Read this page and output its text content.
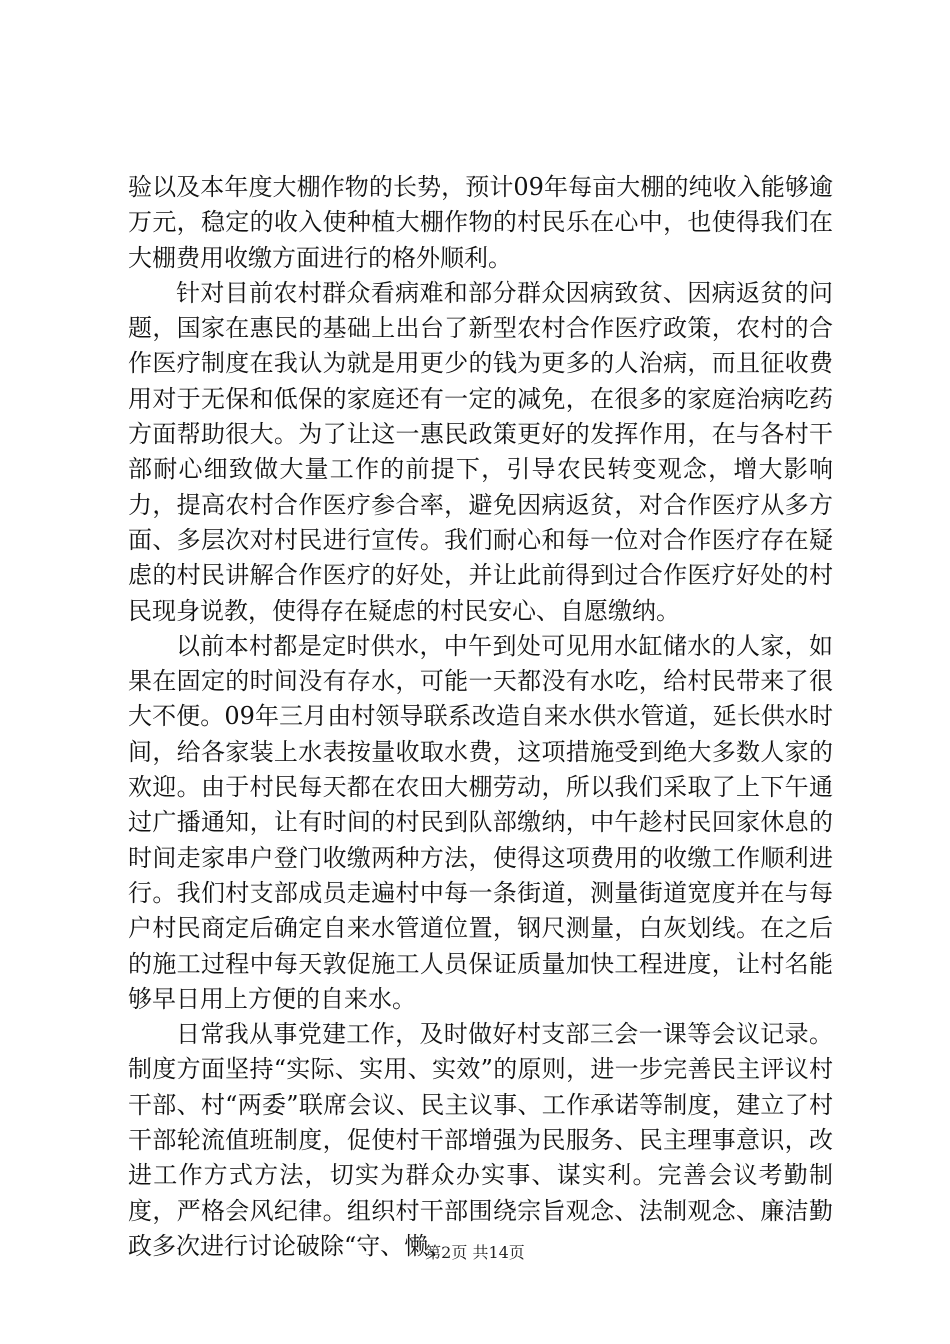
验以及本年度大棚作物的长势，预计09年每亩大棚的纯收入能够逾万元，稳定的收入使种植大棚作物的村民乐在心中，也使得我们在大棚费用收缴方面进行的格外顺利。

针对目前农村群众看病难和部分群众因病致贫、因病返贫的问题，国家在惠民的基础上出台了新型农村合作医疗政策，农村的合作医疗制度在我认为就是用更少的钱为更多的人治病，而且征收费用对于无保和低保的家庭还有一定的减免，在很多的家庭治病吃药方面帮助很大。为了让这一惠民政策更好的发挥作用，在与各村干部耐心细致做大量工作的前提下，引导农民转变观念，增大影响力，提高农村合作医疗参合率，避免因病返贫，对合作医疗从多方面、多层次对村民进行宣传。我们耐心和每一位对合作医疗存在疑虑的村民讲解合作医疗的好处，并让此前得到过合作医疗好处的村民现身说教，使得存在疑虑的村民安心、自愿缴纳。

以前本村都是定时供水，中午到处可见用水缸储水的人家，如果在固定的时间没有存水，可能一天都没有水吃，给村民带来了很大不便。09年三月由村领导联系改造自来水供水管道，延长供水时间，给各家装上水表按量收取水费，这项措施受到绝大多数人家的欢迎。由于村民每天都在农田大棚劳动，所以我们采取了上下午通过广播通知，让有时间的村民到队部缴纳，中午趁村民回家休息的时间走家串户登门收缴两种方法，使得这项费用的收缴工作顺利进行。我们村支部成员走遍村中每一条街道，测量街道宽度并在与每户村民商定后确定自来水管道位置，钢尺测量，白灰划线。在之后的施工过程中每天敦促施工人员保证质量加快工程进度，让村名能够早日用上方便的自来水。

日常我从事党建工作，及时做好村支部三会一课等会议记录。制度方面坚持“实际、实用、实效”的原则，进一步完善民主评议村干部、村“两委”联席会议、民主议事、工作承诺等制度，建立了村干部轮流值班制度，促使村干部增强为民服务、民主理事意识，改进工作方式方法，切实为群众办实事、谋实利。完善会议考勤制度，严格会风纪律。组织村干部围绕宗旨观念、法制观念、廉洁勤政多次进行讨论破除“守、懒、

第2页 共14页
